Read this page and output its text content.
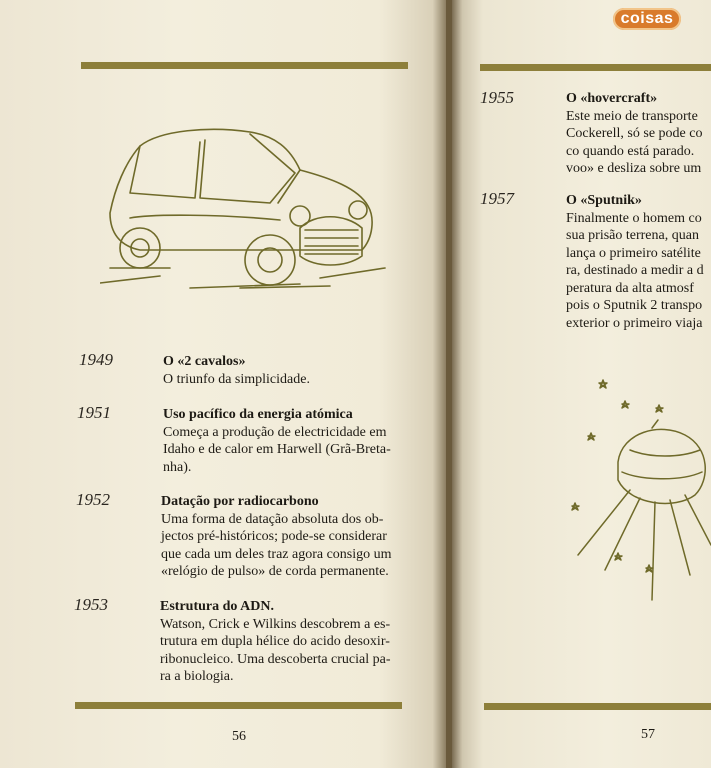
coisas
1949	O «2 cavalos»
O triunfo da simplicidade.
1951	Uso pacífico da energia atómica
Começa a produção de electricidade em
Idaho e de calor em Harwell (Grã-Breta-
nha).
1952	Datação por radiocarbono
Uma forma de datação absoluta dos ob-
jectos pré-históricos; pode-se considerar
que cada um deles traz agora consigo um
«relógio de pulso» de corda permanente.
1953	Estrutura do ADN.
Watson, Crick e Wilkins descobrem a es-
trutura em dupla hélice do acido desoxir-
ribonucleico. Uma descoberta crucial pa-
ra a biologia.
56
1955	O «hovercraft»
Este meio de transporte
Cockerell, só se pode co
co quando está parado.
voo» e desliza sobre um
1957	O «Sputnik»
Finalmente o homem co
sua prisão terrena, quan
lança o primeiro satélite
ra, destinado a medir a d
peratura da alta atmosf
pois o Sputnik 2 transpo
exterior o primeiro viaja
57
